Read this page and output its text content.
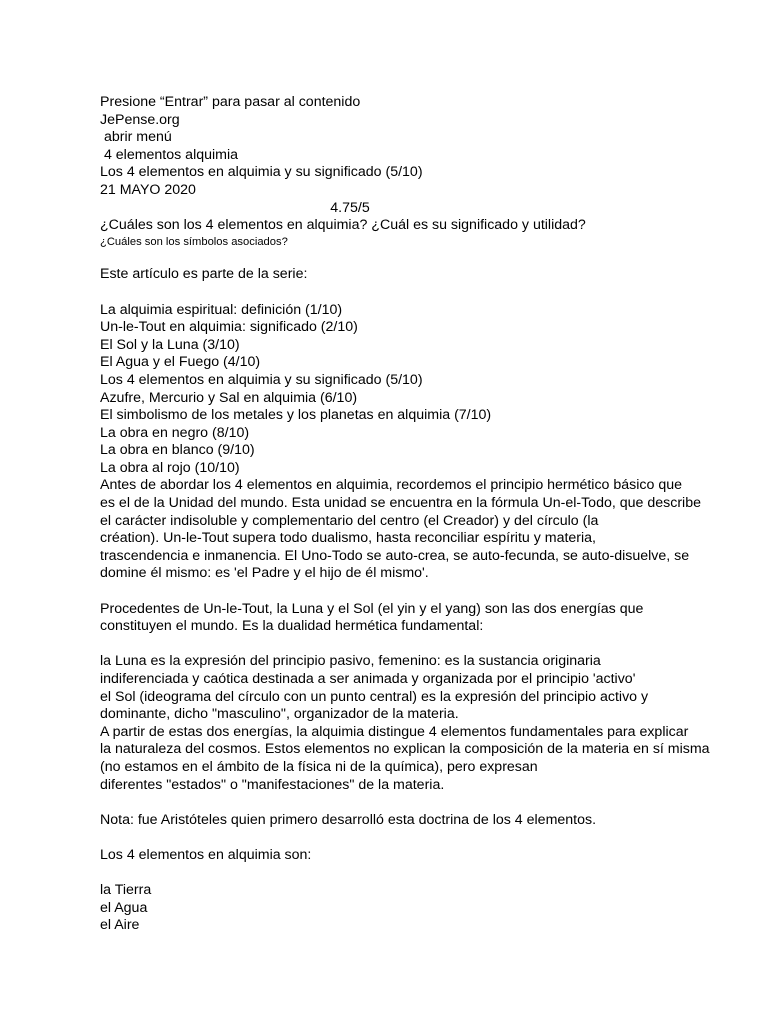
Presione “Entrar” para pasar al contenido
JePense.org
abrir menú
4 elementos alquimia
Los 4 elementos en alquimia y su significado (5/10)
21 MAYO 2020
4.75/5
¿Cuáles son los 4 elementos en alquimia? ¿Cuál es su significado y utilidad?
¿Cuáles son los símbolos asociados?
Este artículo es parte de la serie:
La alquimia espiritual: definición (1/10)
Un-le-Tout en alquimia: significado (2/10)
El Sol y la Luna (3/10)
El Agua y el Fuego (4/10)
Los 4 elementos en alquimia y su significado (5/10)
Azufre, Mercurio y Sal en alquimia (6/10)
El simbolismo de los metales y los planetas en alquimia (7/10)
La obra en negro (8/10)
La obra en blanco (9/10)
La obra al rojo (10/10)
Antes de abordar los 4 elementos en alquimia, recordemos el principio hermético básico que
es el de la Unidad del mundo. Esta unidad se encuentra en la fórmula Un-el-Todo, que describe
el carácter indisoluble y complementario del centro (el Creador) y del círculo (la
création). Un-le-Tout supera todo dualismo, hasta reconciliar espíritu y materia,
trascendencia e inmanencia. El Uno-Todo se auto-crea, se auto-fecunda, se auto-disuelve, se
domine él mismo: es 'el Padre y el hijo de él mismo'.
Procedentes de Un-le-Tout, la Luna y el Sol (el yin y el yang) son las dos energías que
constituyen el mundo. Es la dualidad hermética fundamental:
la Luna es la expresión del principio pasivo, femenino: es la sustancia originaria
indiferenciada y caótica destinada a ser animada y organizada por el principio 'activo'
el Sol (ideograma del círculo con un punto central) es la expresión del principio activo y
dominante, dicho "masculino", organizador de la materia.
A partir de estas dos energías, la alquimia distingue 4 elementos fundamentales para explicar
la naturaleza del cosmos. Estos elementos no explican la composición de la materia en sí misma
(no estamos en el ámbito de la física ni de la química), pero expresan
diferentes "estados" o "manifestaciones" de la materia.
Nota: fue Aristóteles quien primero desarrolló esta doctrina de los 4 elementos.
Los 4 elementos en alquimia son:
la Tierra
el Agua
el Aire
